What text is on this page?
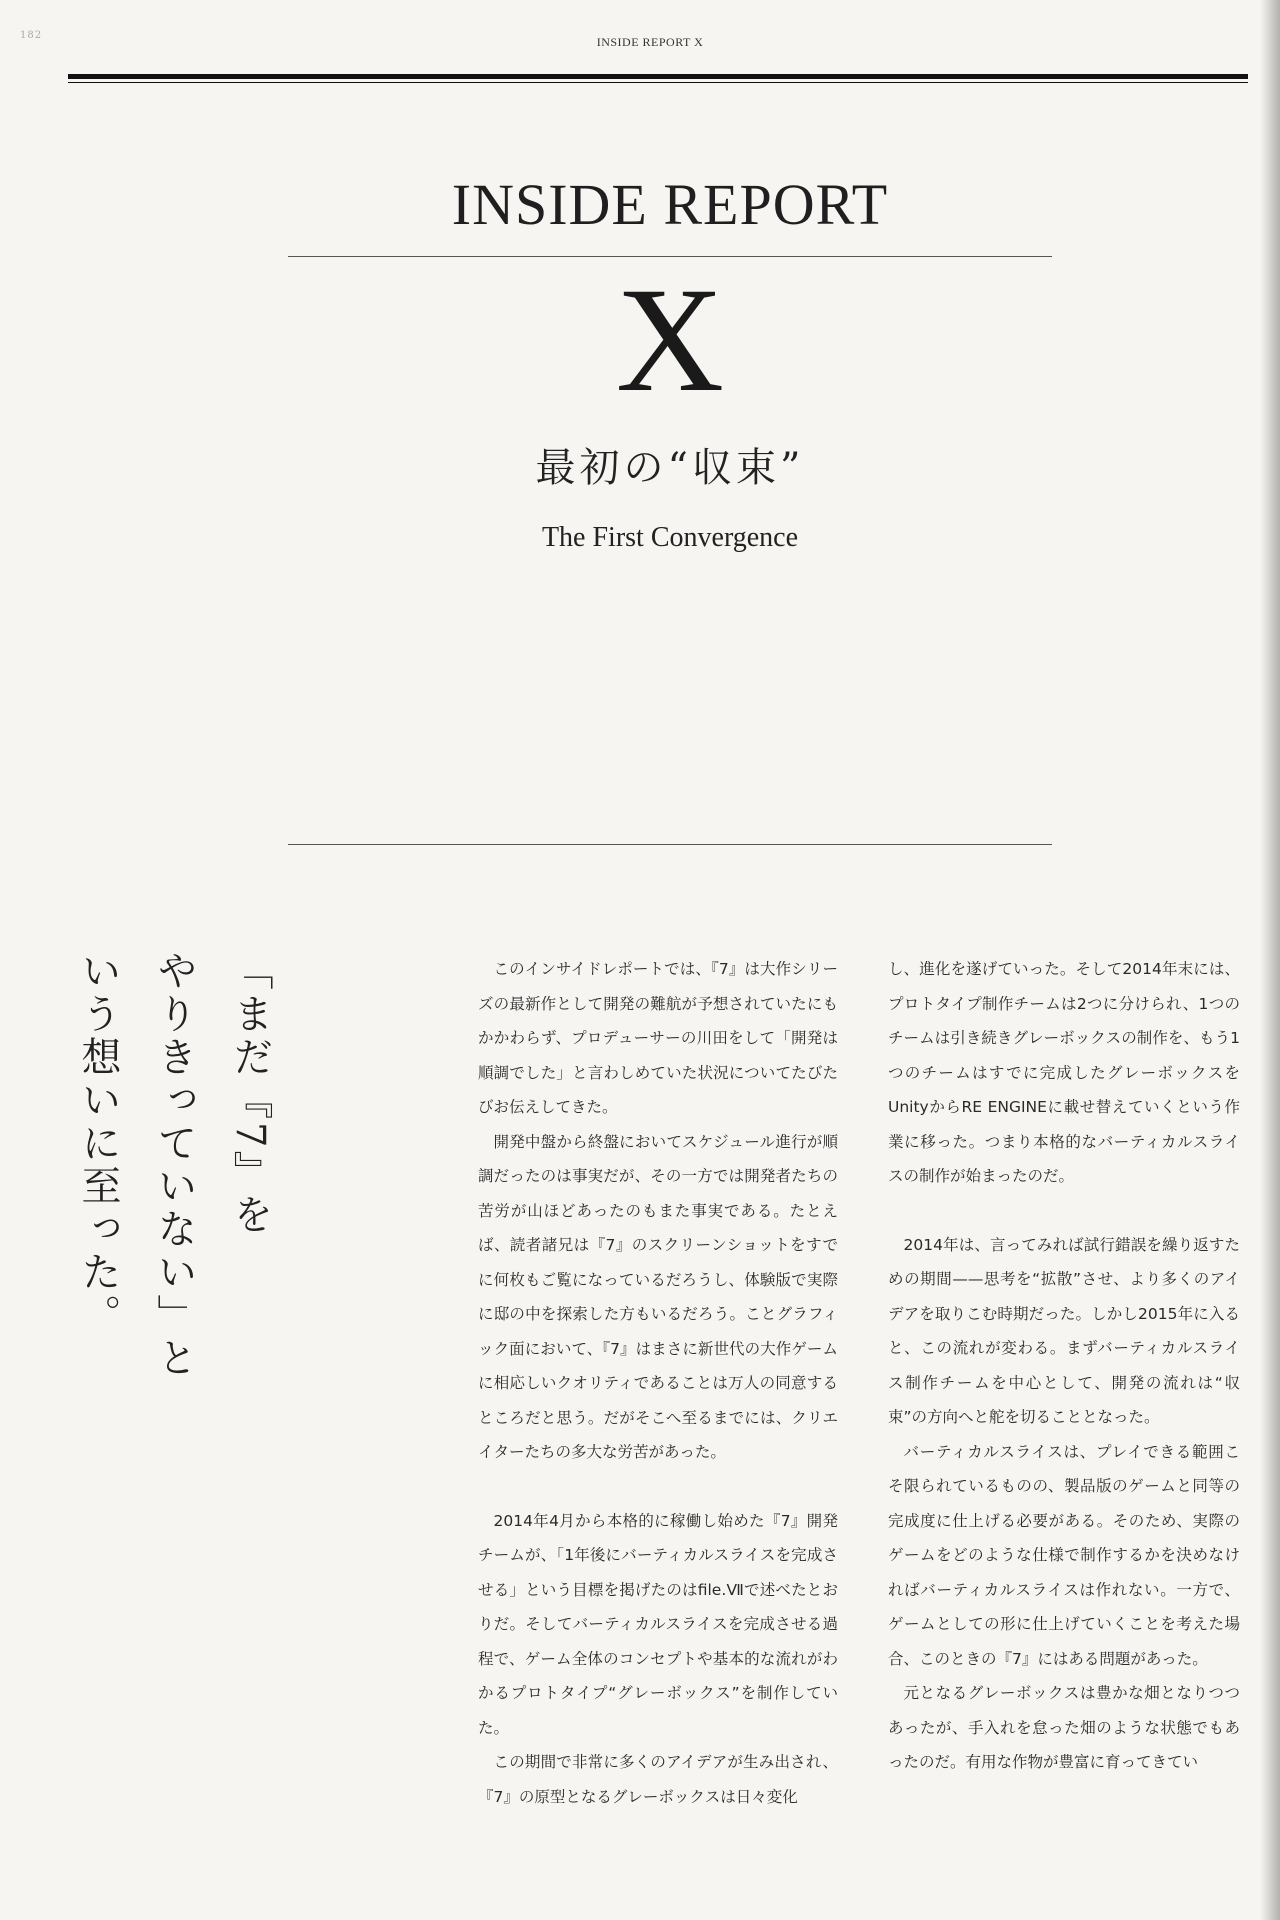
182	INSIDE REPORT X
INSIDE REPORT
X
最初の“収束”
The First Convergence
「まだ『7』を
やりきっていない」と
いう想いに至った。	このインサイドレポートでは、『7』は大作シリーズの最新作として開発の難航が予想されていたにもかかわらず、プロデューサーの川田をして「開発は順調でした」と言わしめていた状況についてたびたびお伝えしてきた。

開発中盤から終盤においてスケジュール進行が順調だったのは事実だが、その一方では開発者たちの苦労が山ほどあったのもまた事実である。たとえば、読者諸兄は『7』のスクリーンショットをすでに何枚もご覧になっているだろうし、体験版で実際に邸の中を探索した方もいるだろう。ことグラフィック面において、『7』はまさに新世代の大作ゲームに相応しいクオリティであることは万人の同意するところだと思う。だがそこへ至るまでには、クリエイターたちの多大な労苦があった。

2014年4月から本格的に稼働し始めた『7』開発チームが、「1年後にバーティカルスライスを完成させる」という目標を掲げたのはfile.Ⅶで述べたとおりだ。そしてバーティカルスライスを完成させる過程で、ゲーム全体のコンセプトや基本的な流れがわかるプロトタイプ“グレーボックス”を制作していた。

この期間で非常に多くのアイデアが生み出され、『7』の原型となるグレーボックスは日々変化

し、進化を遂げていった。そして2014年末には、プロトタイプ制作チームは2つに分けられ、1つのチームは引き続きグレーボックスの制作を、もう1つのチームはすでに完成したグレーボックスをUnityからRE ENGINEに載せ替えていくという作業に移った。つまり本格的なバーティカルスライスの制作が始まったのだ。

2014年は、言ってみれば試行錯誤を繰り返すための期間——思考を“拡散”させ、より多くのアイデアを取りこむ時期だった。しかし2015年に入ると、この流れが変わる。まずバーティカルスライス制作チームを中心として、開発の流れは“収束”の方向へと舵を切ることとなった。

バーティカルスライスは、プレイできる範囲こそ限られているものの、製品版のゲームと同等の完成度に仕上げる必要がある。そのため、実際のゲームをどのような仕様で制作するかを決めなければバーティカルスライスは作れない。一方で、ゲームとしての形に仕上げていくことを考えた場合、このときの『7』にはある問題があった。

元となるグレーボックスは豊かな畑となりつつあったが、手入れを怠った畑のような状態でもあったのだ。有用な作物が豊富に育ってきてい
